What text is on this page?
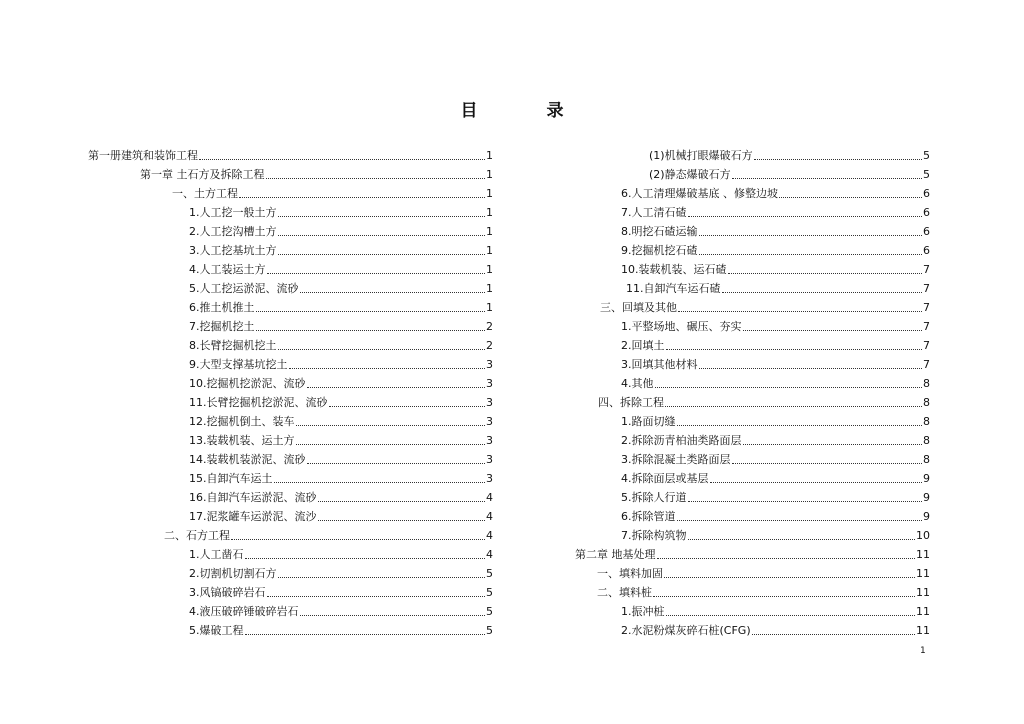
目　录
第一册建筑和装饰工程	1
第一章 土石方及拆除工程	1
一、土方工程	1
1.人工挖一般土方	1
2.人工挖沟槽土方	1
3.人工挖基坑土方	1
4.人工装运土方	1
5.人工挖运淤泥、流砂	1
6.推土机推土	1
7.挖掘机挖土	2
8.长臂挖掘机挖土	2
9.大型支撑基坑挖土	3
10.挖掘机挖淤泥、流砂	3
11.长臂挖掘机挖淤泥、流砂	3
12.挖掘机倒土、装车	3
13.装载机装、运土方	3
14.装载机装淤泥、流砂	3
15.自卸汽车运土	3
16.自卸汽车运淤泥、流砂	4
17.泥浆罐车运淤泥、流沙	4
二、石方工程	4
1.人工凿石	4
2.切割机切割石方	5
3.风镐破碎岩石	5
4.液压破碎锤破碎岩石	5
5.爆破工程	5
(1)机械打眼爆破石方	5
(2)静态爆破石方	5
6.人工清理爆破基底 、修整边坡	6
7.人工清石碴	6
8.明挖石碴运输	6
9.挖掘机挖石碴	6
10.装载机装、运石碴	7
11.自卸汽车运石碴	7
三、回填及其他	7
1.平整场地、碾压、夯实	7
2.回填土	7
3.回填其他材料	7
4.其他	8
四、拆除工程	8
1.路面切缝	8
2.拆除沥青柏油类路面层	8
3.拆除混凝土类路面层	8
4.拆除面层或基层	9
5.拆除人行道	9
6.拆除管道	9
7.拆除构筑物	10
第二章 地基处理	11
一、填料加固	11
二、填料桩	11
1.振冲桩	11
2.水泥粉煤灰碎石桩(CFG)	11
1
